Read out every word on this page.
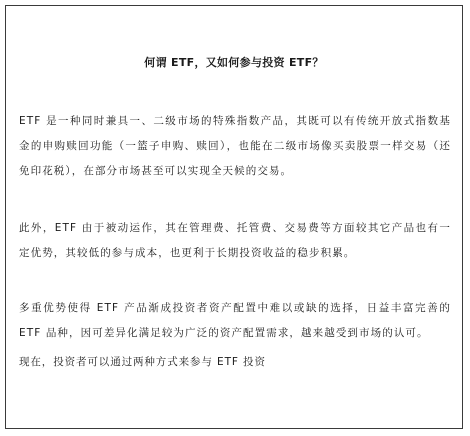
何谓 ETF，又如何参与投资 ETF？

ETF 是一种同时兼具一、二级市场的特殊指数产品，其既可以有传统开放式指数基金的申购赎回功能（一篮子申购、赎回），也能在二级市场像买卖股票一样交易（还免印花税），在部分市场甚至可以实现全天候的交易。

此外，ETF 由于被动运作，其在管理费、托管费、交易费等方面较其它产品也有一定优势，其较低的参与成本，也更利于长期投资收益的稳步积累。

多重优势使得 ETF 产品渐成投资者资产配置中难以或缺的选择，日益丰富完善的 ETF 品种，因可差异化满足较为广泛的资产配置需求，越来越受到市场的认可。

现在，投资者可以通过两种方式来参与 ETF 投资
